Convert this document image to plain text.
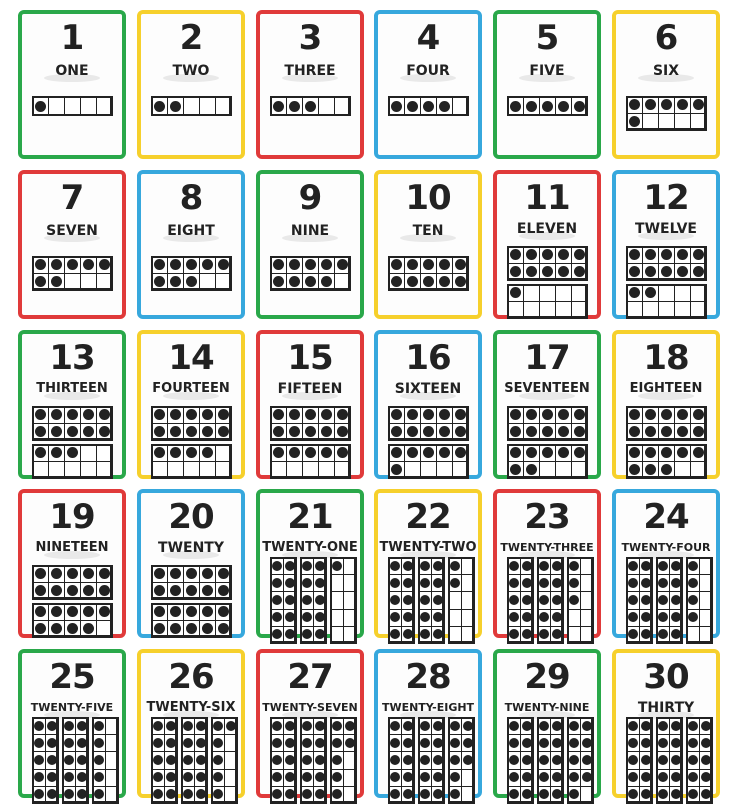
1
ONE
2
TWO
3
THREE
4
FOUR
5
FIVE
6
SIX
7
SEVEN
8
EIGHT
9
NINE
10
TEN
11
ELEVEN
12
TWELVE
13
THIRTEEN
14
FOURTEEN
15
FIFTEEN
16
SIXTEEN
17
SEVENTEEN
18
EIGHTEEN
19
NINETEEN
20
TWENTY
21
TWENTY-ONE
22
TWENTY-TWO
23
TWENTY-THREE
24
TWENTY-FOUR
25
TWENTY-FIVE
26
TWENTY-SIX
27
TWENTY-SEVEN
28
TWENTY-EIGHT
29
TWENTY-NINE
30
THIRTY
